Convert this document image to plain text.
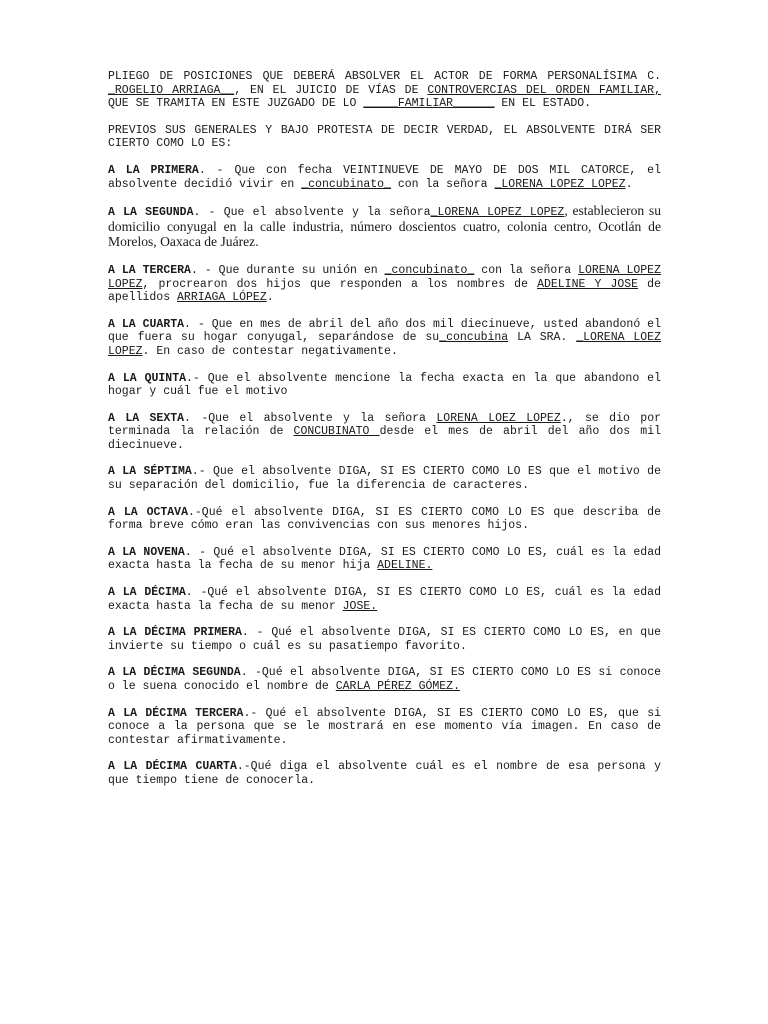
PLIEGO DE POSICIONES QUE DEBERÁ ABSOLVER EL ACTOR DE FORMA PERSONALÍSIMA C. _ROGELIO ARRIAGA__, EN EL JUICIO DE VÍAS DE CONTROVERCIAS DEL ORDEN FAMILIAR, QUE SE TRAMITA EN ESTE JUZGADO DE LO _____FAMILIAR______ EN EL ESTADO.

PREVIOS SUS GENERALES Y BAJO PROTESTA DE DECIR VERDAD, EL ABSOLVENTE DIRÁ SER CIERTO COMO LO ES:

A LA PRIMERA. - Que con fecha VEINTINUEVE DE MAYO DE DOS MIL CATORCE, el absolvente decidió vivir en _concubinato_ con la señora _LORENA LOPEZ LOPEZ.

A LA SEGUNDA. - Que el absolvente y la señora_LORENA LOPEZ LOPEZ, establecieron su domicilio conyugal en la calle industria, número doscientos cuatro, colonia centro, Ocotlán de Morelos, Oaxaca de Juárez.

A LA TERCERA. - Que durante su unión en _concubinato_ con la señora LORENA LOPEZ LOPEZ, procrearon dos hijos que responden a los nombres de ADELINE Y JOSE de apellidos ARRIAGA LÓPEZ.

A LA CUARTA. - Que en mes de abril del año dos mil diecinueve, usted abandonó el que fuera su hogar conyugal, separándose de su_concubina LA SRA. _LORENA LOEZ LOPEZ. En caso de contestar negativamente.

A LA QUINTA.- Que el absolvente mencione la fecha exacta en la que abandono el hogar y cuál fue el motivo

A LA SEXTA. -Que el absolvente y la señora LORENA LOEZ LOPEZ., se dio por terminada la relación de CONCUBINATO desde el mes de abril del año dos mil diecinueve.

A LA SÉPTIMA.- Que el absolvente DIGA, SI ES CIERTO COMO LO ES que el motivo de su separación del domicilio, fue la diferencia de caracteres.

A LA OCTAVA.-Qué el absolvente DIGA, SI ES CIERTO COMO LO ES que describa de forma breve cómo eran las convivencias con sus menores hijos.

A LA NOVENA. - Qué el absolvente DIGA, SI ES CIERTO COMO LO ES, cuál es la edad exacta hasta la fecha de su menor hija ADELINE.

A LA DÉCIMA. -Qué el absolvente DIGA, SI ES CIERTO COMO LO ES, cuál es la edad exacta hasta la fecha de su menor JOSE.

A LA DÉCIMA PRIMERA. - Qué el absolvente DIGA, SI ES CIERTO COMO LO ES, en que invierte su tiempo o cuál es su pasatiempo favorito.

A LA DÉCIMA SEGUNDA. -Qué el absolvente DIGA, SI ES CIERTO COMO LO ES si conoce o le suena conocido el nombre de CARLA PÉREZ GÓMEZ.

A LA DÉCIMA TERCERA.- Qué el absolvente DIGA, SI ES CIERTO COMO LO ES, que si conoce a la persona que se le mostrará en ese momento vía imagen. En caso de contestar afirmativamente.

A LA DÉCIMA CUARTA.-Qué diga el absolvente cuál es el nombre de esa persona y que tiempo tiene de conocerla.
